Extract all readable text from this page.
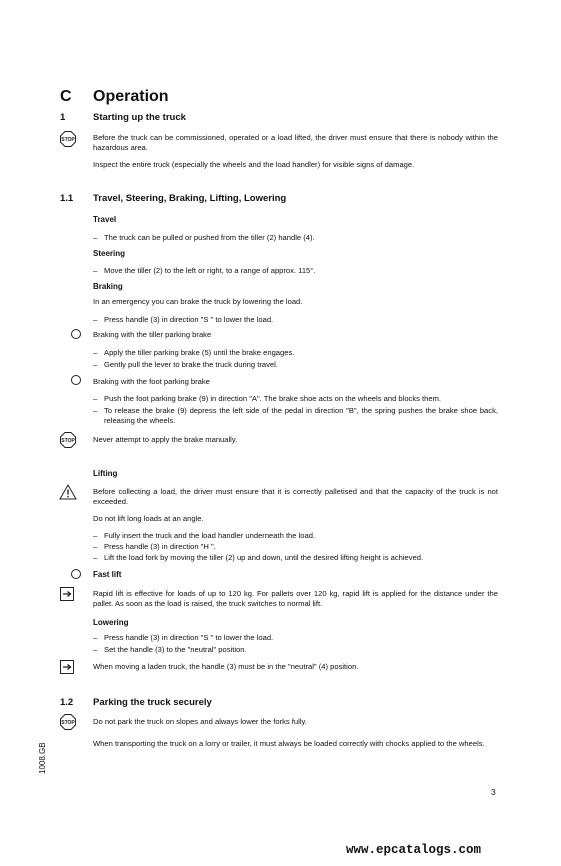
C Operation
1	Starting up the truck
STOP Before the truck can be commissioned, operated or a load lifted, the driver must ensure that there is nobody within the hazardous area.
Inspect the entire truck (especially the wheels and the load handler) for visible signs of damage.
1.1 Travel, Steering, Braking, Lifting, Lowering
Travel
– The truck can be pulled or pushed from the tiller (2) handle (4).
Steering
– Move the tiller (2) to the left or right, to a range of approx. 115°.
Braking
In an emergency you can brake the truck by lowering the load.
– Press handle (3) in direction "S " to lower the load.
Braking with the tiller parking brake
– Apply the tiller parking brake (5) until the brake engages.
– Gently pull the lever to brake the truck during travel.
Braking with the foot parking brake
– Push the foot parking brake (9) in direction "A". The brake shoe acts on the wheels and blocks them.
– To release the brake (9) depress the left side of the pedal in direction "B", the spring pushes the brake shoe back, releasing the wheels.
STOP Never attempt to apply the brake manually.
Lifting
Before collecting a load, the driver must ensure that it is correctly palletised and that the capacity of the truck is not exceeded.
Do not lift long loads at an angle.
– Fully insert the truck and the load handler underneath the load.
– Press handle (3) in direction "H ".
– Lift the load fork by moving the tiller (2) up and down, until the desired lifting height is achieved.
Fast lift
Rapid lift is effective for loads of up to 120 kg. For pallets over 120 kg, rapid lift is applied for the distance under the pallet. As soon as the load is raised, the truck switches to normal lift.
Lowering
– Press handle (3) in direction "S " to lower the load.
– Set the handle (3) to the "neutral" position.
When moving a laden truck, the handle (3) must be in the "neutral" (4) position.
1.2 Parking the truck securely
STOP Do not park the truck on slopes and always lower the forks fully.
When transporting the truck on a lorry or trailer, it must always be loaded correctly with chocks applied to the wheels.
1008.GB
3
www.epcatalogs.com
